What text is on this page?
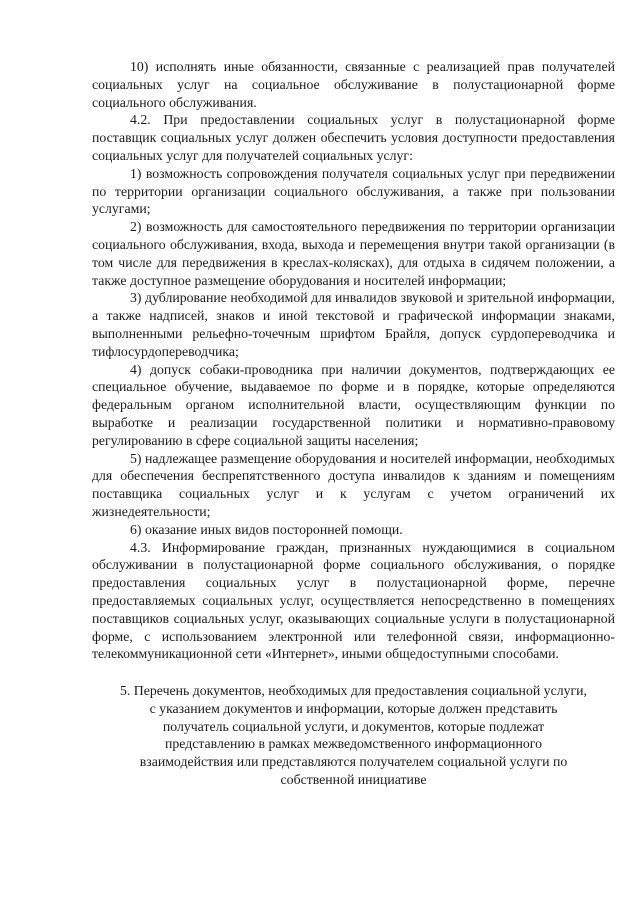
10) исполнять иные обязанности, связанные с реализацией прав получателей социальных услуг на социальное обслуживание в полустационарной форме социального обслуживания.

4.2. При предоставлении социальных услуг в полустационарной форме поставщик социальных услуг должен обеспечить условия доступности предоставления социальных услуг для получателей социальных услуг:

1) возможность сопровождения получателя социальных услуг при передвижении по территории организации социального обслуживания, а также при пользовании услугами;

2) возможность для самостоятельного передвижения по территории организации социального обслуживания, входа, выхода и перемещения внутри такой организации (в том числе для передвижения в креслах-колясках), для отдыха в сидячем положении, а также доступное размещение оборудования и носителей информации;

3) дублирование необходимой для инвалидов звуковой и зрительной информации, а также надписей, знаков и иной текстовой и графической информации знаками, выполненными рельефно-точечным шрифтом Брайля, допуск сурдопереводчика и тифлосурдопереводчика;

4) допуск собаки-проводника при наличии документов, подтверждающих ее специальное обучение, выдаваемое по форме и в порядке, которые определяются федеральным органом исполнительной власти, осуществляющим функции по выработке и реализации государственной политики и нормативно-правовому регулированию в сфере социальной защиты населения;

5) надлежащее размещение оборудования и носителей информации, необходимых для обеспечения беспрепятственного доступа инвалидов к зданиям и помещениям поставщика социальных услуг и к услугам с учетом ограничений их жизнедеятельности;

6) оказание иных видов посторонней помощи.

4.3. Информирование граждан, признанных нуждающимися в социальном обслуживании в полустационарной форме социального обслуживания, о порядке предоставления социальных услуг в полустационарной форме, перечне предоставляемых социальных услуг, осуществляется непосредственно в помещениях поставщиков социальных услуг, оказывающих социальные услуги в полустационарной форме, с использованием электронной или телефонной связи, информационно-телекоммуникационной сети «Интернет», иными общедоступными способами.

5. Перечень документов, необходимых для предоставления социальной услуги,
с указанием документов и информации, которые должен представить
получатель социальной услуги, и документов, которые подлежат
представлению в рамках межведомственного информационного
взаимодействия или представляются получателем социальной услуги по
собственной инициативе
